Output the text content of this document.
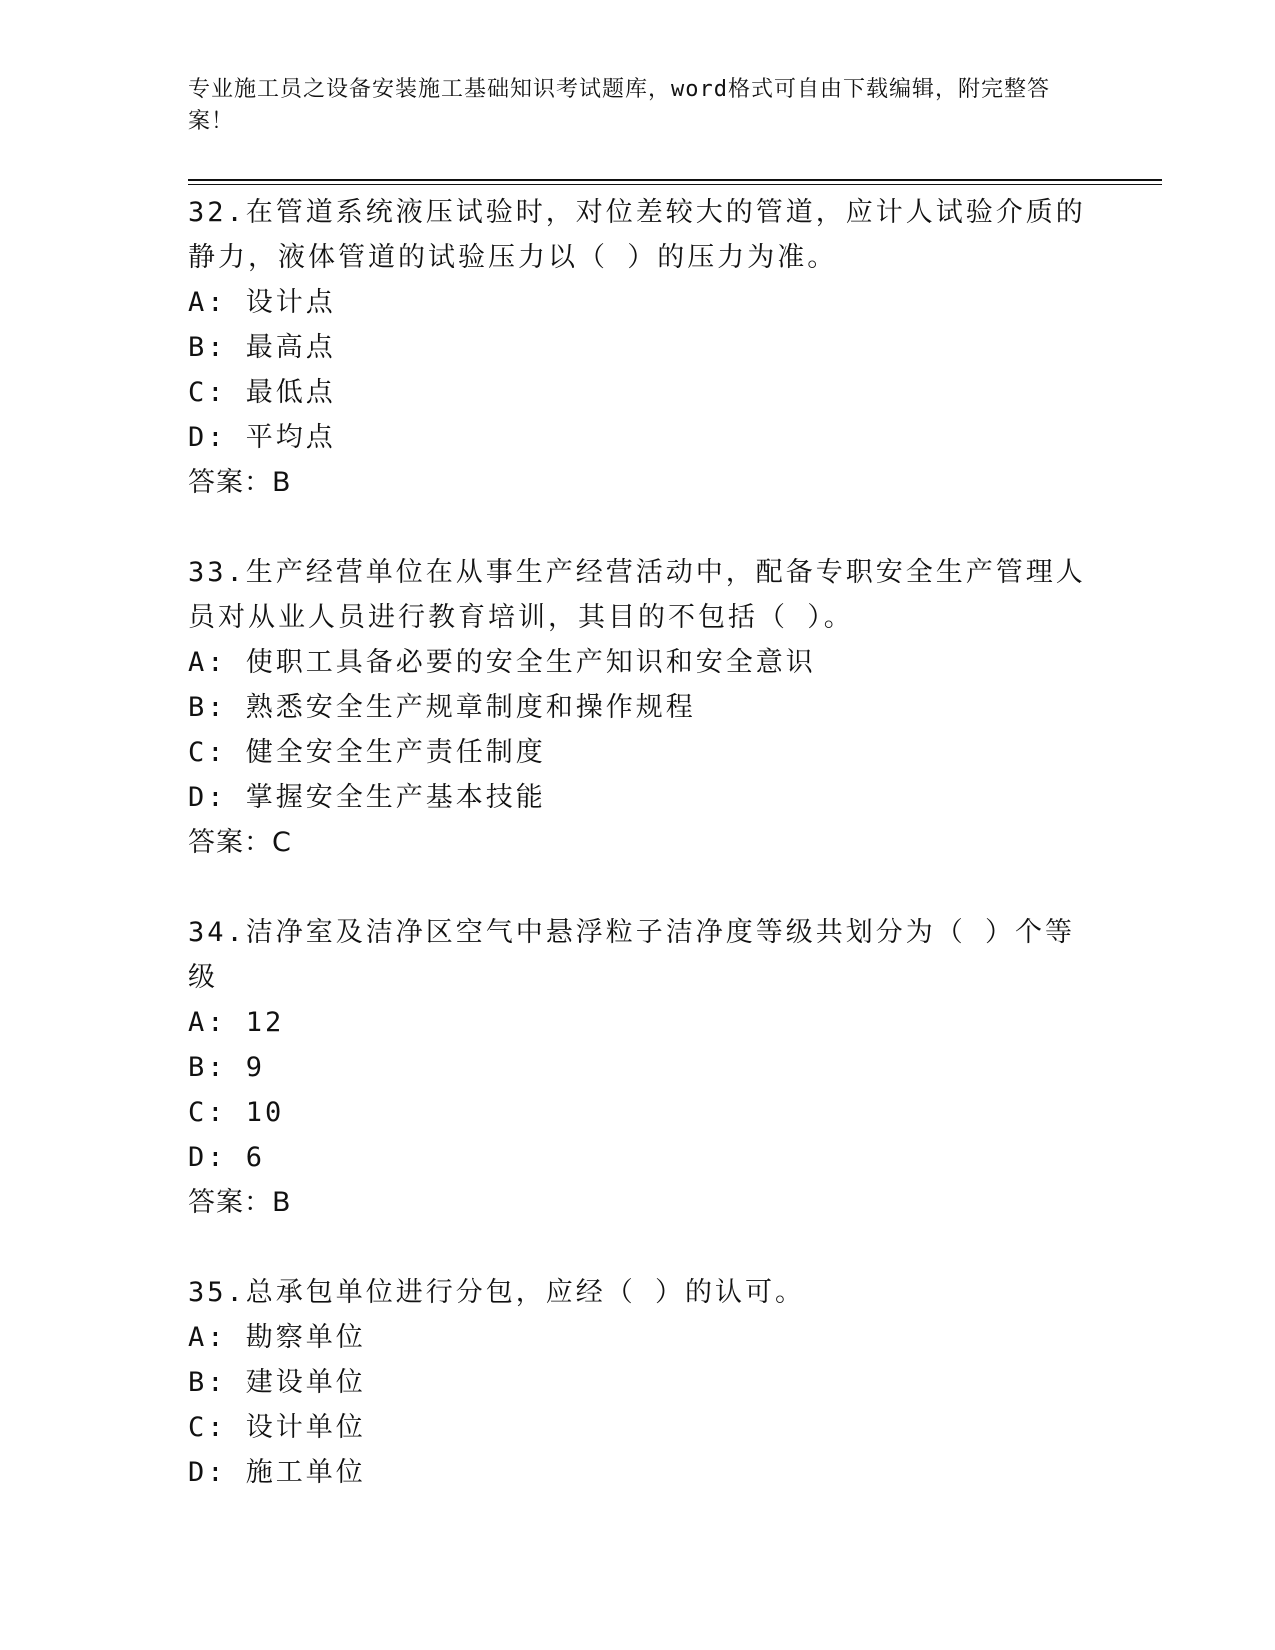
专业施工员之设备安装施工基础知识考试题库，word格式可自由下载编辑，附完整答案！

32.在管道系统液压试验时，对位差较大的管道，应计人试验介质的静力，液体管道的试验压力以（ ）的压力为准。

A: 设计点

B: 最高点

C: 最低点

D: 平均点

答案：B

33.生产经营单位在从事生产经营活动中，配备专职安全生产管理人员对从业人员进行教育培训，其目的不包括（ ）。

A: 使职工具备必要的安全生产知识和安全意识

B: 熟悉安全生产规章制度和操作规程

C: 健全安全生产责任制度

D: 掌握安全生产基本技能

答案：C

34.洁净室及洁净区空气中悬浮粒子洁净度等级共划分为（ ）个等级

A: 12

B: 9

C: 10

D: 6

答案：B

35.总承包单位进行分包，应经（ ）的认可。

A: 勘察单位

B: 建设单位

C: 设计单位

D: 施工单位
